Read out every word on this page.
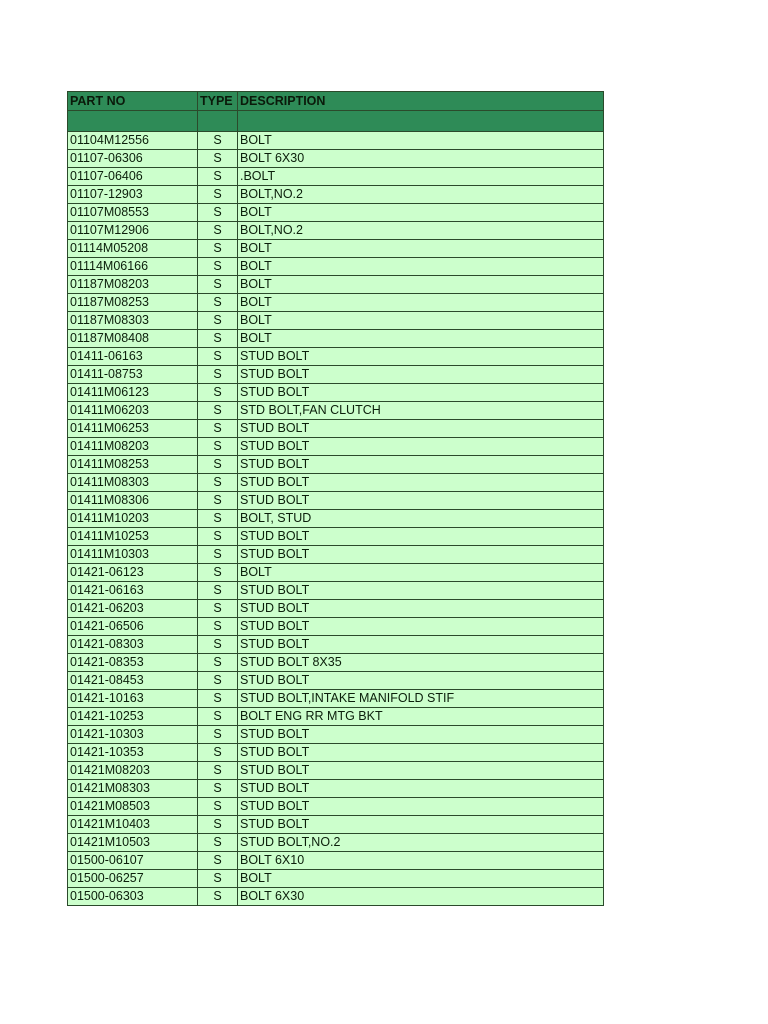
PART NO	TYPE	DESCRIPTION

01104M12556	S	BOLT
01107-06306	S	BOLT 6X30
01107-06406	S	.BOLT
01107-12903	S	BOLT,NO.2
01107M08553	S	BOLT
01107M12906	S	BOLT,NO.2
01114M05208	S	BOLT
01114M06166	S	BOLT
01187M08203	S	BOLT
01187M08253	S	BOLT
01187M08303	S	BOLT
01187M08408	S	BOLT
01411-06163	S	STUD BOLT
01411-08753	S	STUD BOLT
01411M06123	S	STUD BOLT
01411M06203	S	STD BOLT,FAN CLUTCH
01411M06253	S	STUD BOLT
01411M08203	S	STUD BOLT
01411M08253	S	STUD BOLT
01411M08303	S	STUD BOLT
01411M08306	S	STUD BOLT
01411M10203	S	BOLT, STUD
01411M10253	S	STUD BOLT
01411M10303	S	STUD BOLT
01421-06123	S	BOLT
01421-06163	S	STUD BOLT
01421-06203	S	STUD BOLT
01421-06506	S	STUD BOLT
01421-08303	S	STUD BOLT
01421-08353	S	STUD BOLT 8X35
01421-08453	S	STUD BOLT
01421-10163	S	STUD BOLT,INTAKE MANIFOLD STIF
01421-10253	S	BOLT ENG RR MTG BKT
01421-10303	S	STUD BOLT
01421-10353	S	STUD BOLT
01421M08203	S	STUD BOLT
01421M08303	S	STUD BOLT
01421M08503	S	STUD BOLT
01421M10403	S	STUD BOLT
01421M10503	S	STUD BOLT,NO.2
01500-06107	S	BOLT 6X10
01500-06257	S	BOLT
01500-06303	S	BOLT 6X30
